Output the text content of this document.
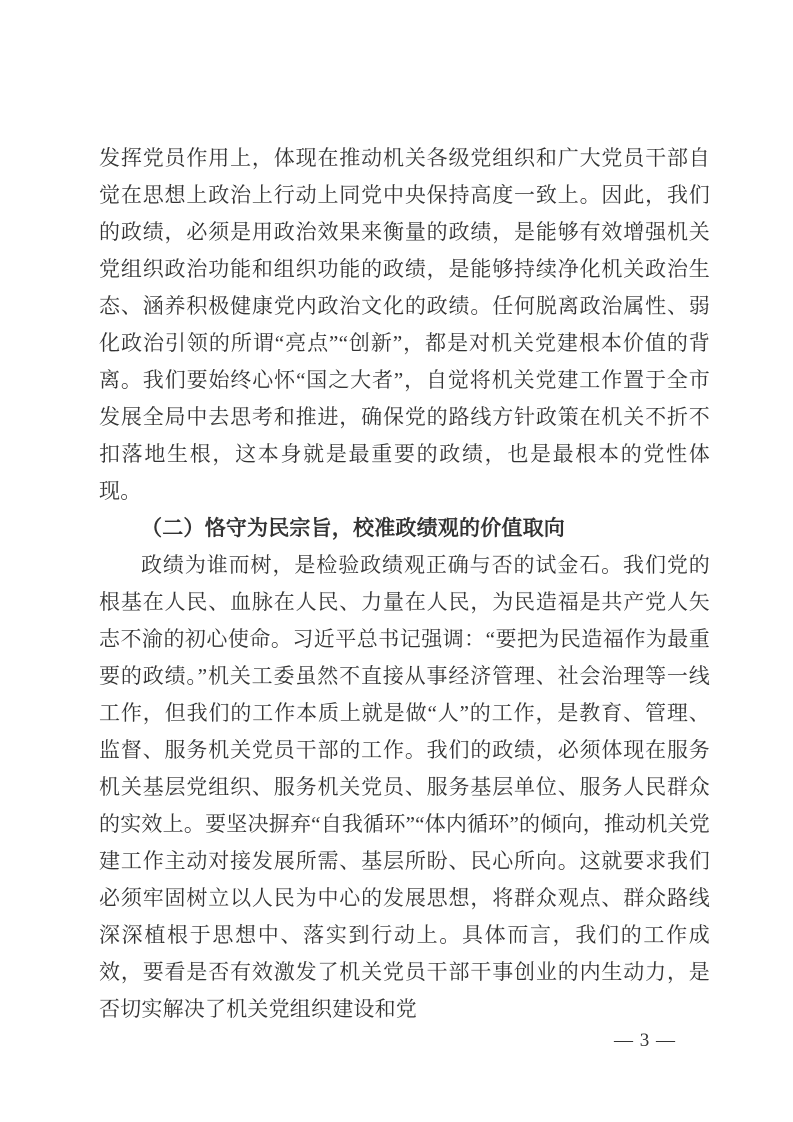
发挥党员作用上，体现在推动机关各级党组织和广大党员干部自觉在思想上政治上行动上同党中央保持高度一致上。因此，我们的政绩，必须是用政治效果来衡量的政绩，是能够有效增强机关党组织政治功能和组织功能的政绩，是能够持续净化机关政治生态、涵养积极健康党内政治文化的政绩。任何脱离政治属性、弱化政治引领的所谓“亮点”“创新”，都是对机关党建根本价值的背离。我们要始终心怀“国之大者”，自觉将机关党建工作置于全市发展全局中去思考和推进，确保党的路线方针政策在机关不折不扣落地生根，这本身就是最重要的政绩，也是最根本的党性体现。

（二）恪守为民宗旨，校准政绩观的价值取向

政绩为谁而树，是检验政绩观正确与否的试金石。我们党的根基在人民、血脉在人民、力量在人民，为民造福是共产党人矢志不渝的初心使命。习近平总书记强调：“要把为民造福作为最重要的政绩。”机关工委虽然不直接从事经济管理、社会治理等一线工作，但我们的工作本质上就是做“人”的工作，是教育、管理、监督、服务机关党员干部的工作。我们的政绩，必须体现在服务机关基层党组织、服务机关党员、服务基层单位、服务人民群众的实效上。要坚决摒弃“自我循环”“体内循环”的倾向，推动机关党建工作主动对接发展所需、基层所盼、民心所向。这就要求我们必须牢固树立以人民为中心的发展思想，将群众观点、群众路线深深植根于思想中、落实到行动上。具体而言，我们的工作成效，要看是否有效激发了机关党员干部干事创业的内生动力，是否切实解决了机关党组织建设和党

— 3 —
